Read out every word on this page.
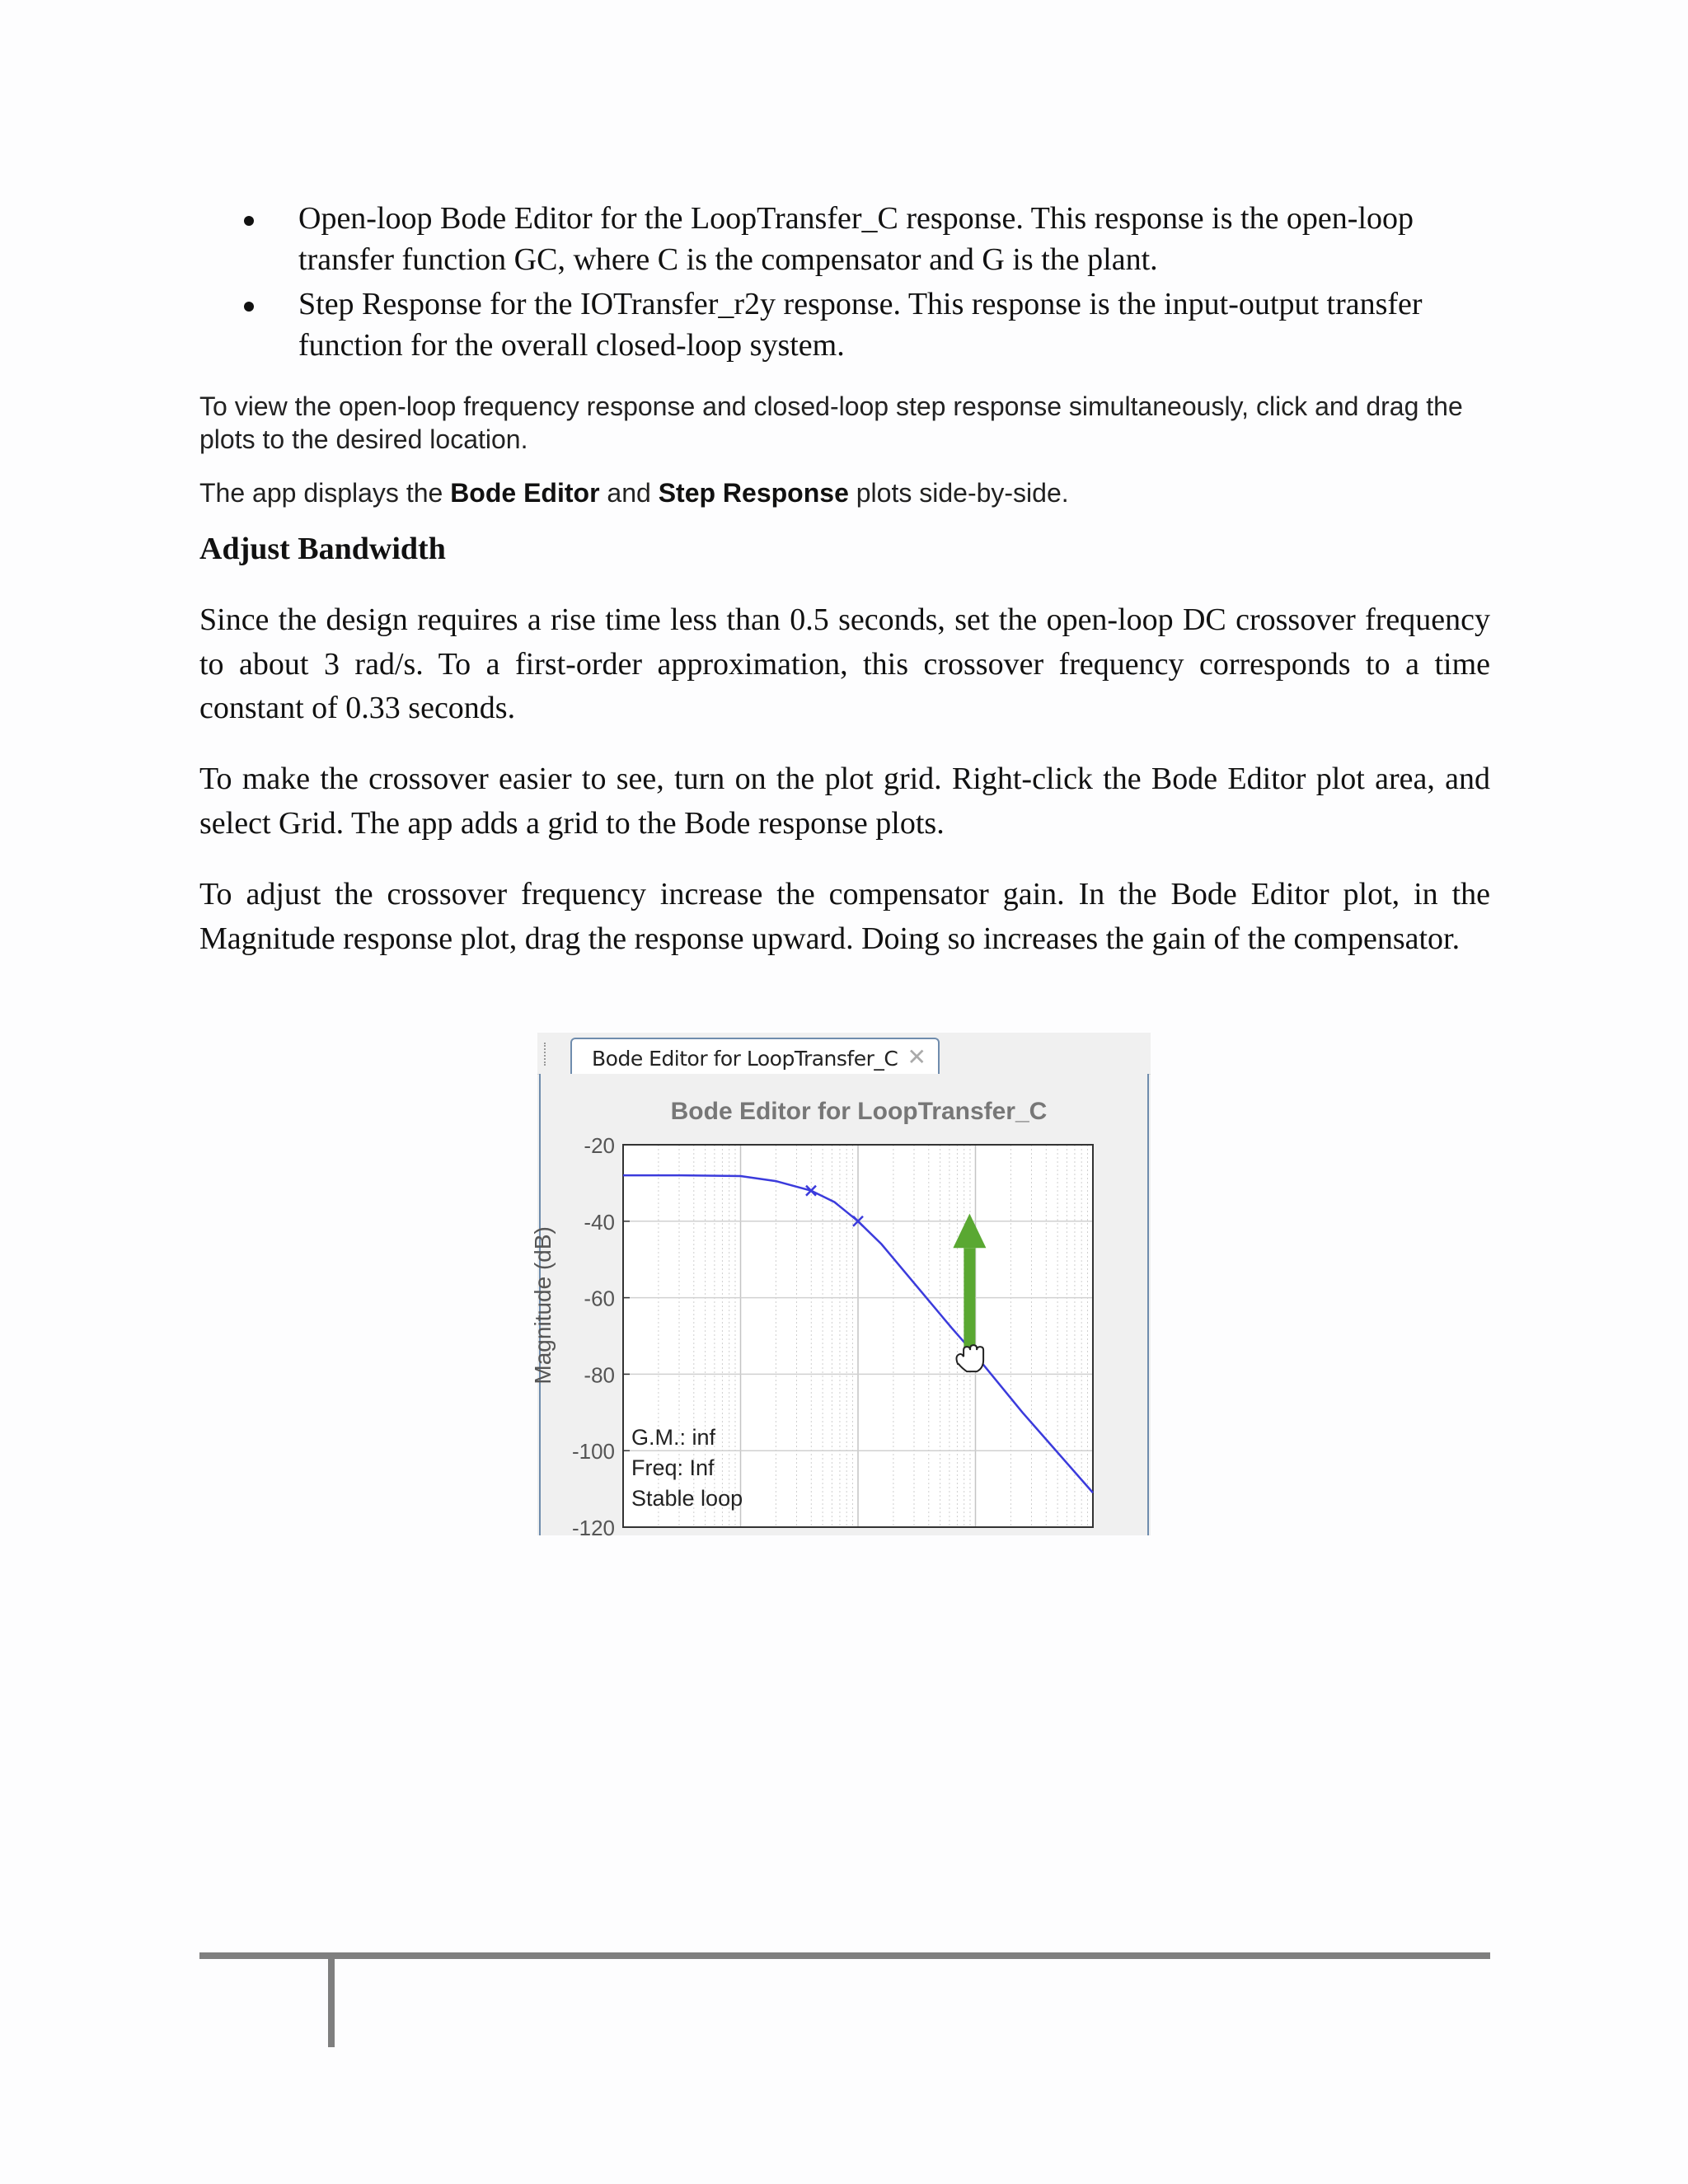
Open-loop Bode Editor for the LoopTransfer_C response. This response is the open-loop transfer function GC, where C is the compensator and G is the plant.
Step Response for the IOTransfer_r2y response. This response is the input-output transfer function for the overall closed-loop system.
To view the open-loop frequency response and closed-loop step response simultaneously, click and drag the plots to the desired location.
The app displays the Bode Editor and Step Response plots side-by-side.
Adjust Bandwidth
Since the design requires a rise time less than 0.5 seconds, set the open-loop DC crossover frequency to about 3 rad/s. To a first-order approximation, this crossover frequency corresponds to a time constant of 0.33 seconds.
To make the crossover easier to see, turn on the plot grid. Right-click the Bode Editor plot area, and select Grid. The app adds a grid to the Bode response plots.
To adjust the crossover frequency increase the compensator gain. In the Bode Editor plot, in the Magnitude response plot, drag the response upward. Doing so increases the gain of the compensator.
Bode Editor for LoopTransfer_C ✕
Bode Editor for LoopTransfer_C
Magnitude (dB)
-20
-40
-60
-80
-100
-120
G.M.: inf
Freq: Inf
Stable loop
